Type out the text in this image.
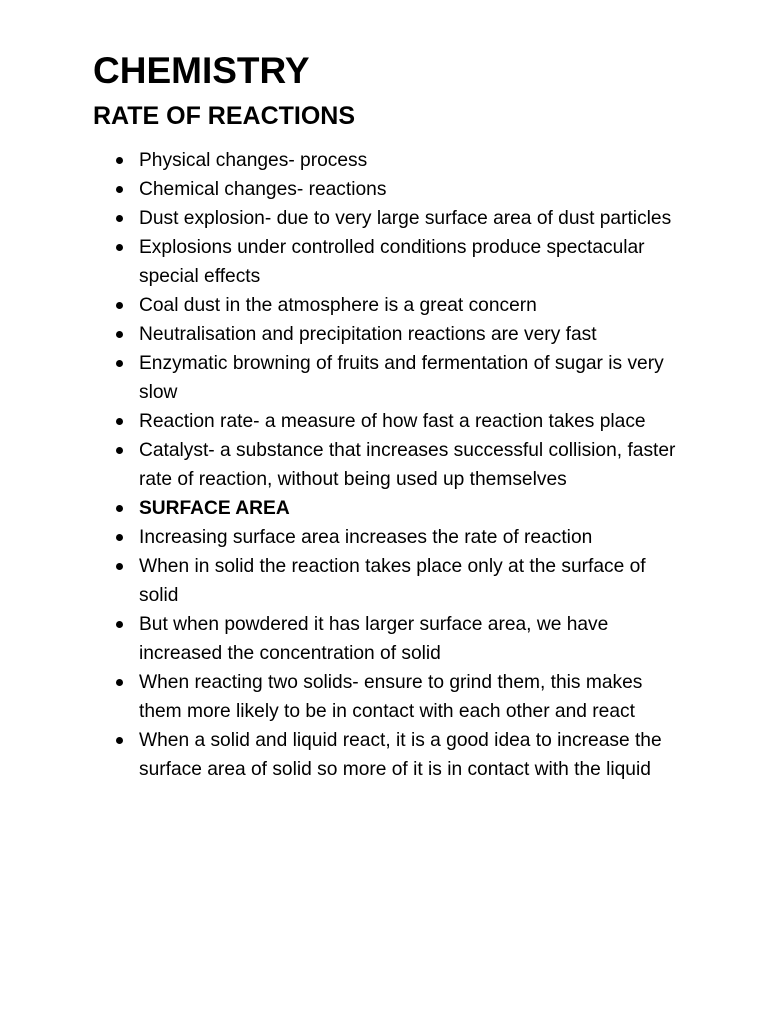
CHEMISTRY
RATE OF REACTIONS
Physical changes- process
Chemical changes- reactions
Dust explosion- due to very large surface area of dust particles
Explosions under controlled conditions produce spectacular special effects
Coal dust in the atmosphere is a great concern
Neutralisation and precipitation reactions are very fast
Enzymatic browning of fruits and fermentation of sugar is very slow
Reaction rate- a measure of how fast a reaction takes place
Catalyst- a substance that increases successful collision, faster rate of reaction, without being used up themselves
SURFACE AREA
Increasing surface area increases the rate of reaction
When in solid the reaction takes place only at the surface of solid
But when powdered it has larger surface area, we have increased the concentration of solid
When reacting two solids- ensure to grind them, this makes them more likely to be in contact with each other and react
When a solid and liquid react, it is a good idea to increase the surface area of solid so more of it is in contact with the liquid
